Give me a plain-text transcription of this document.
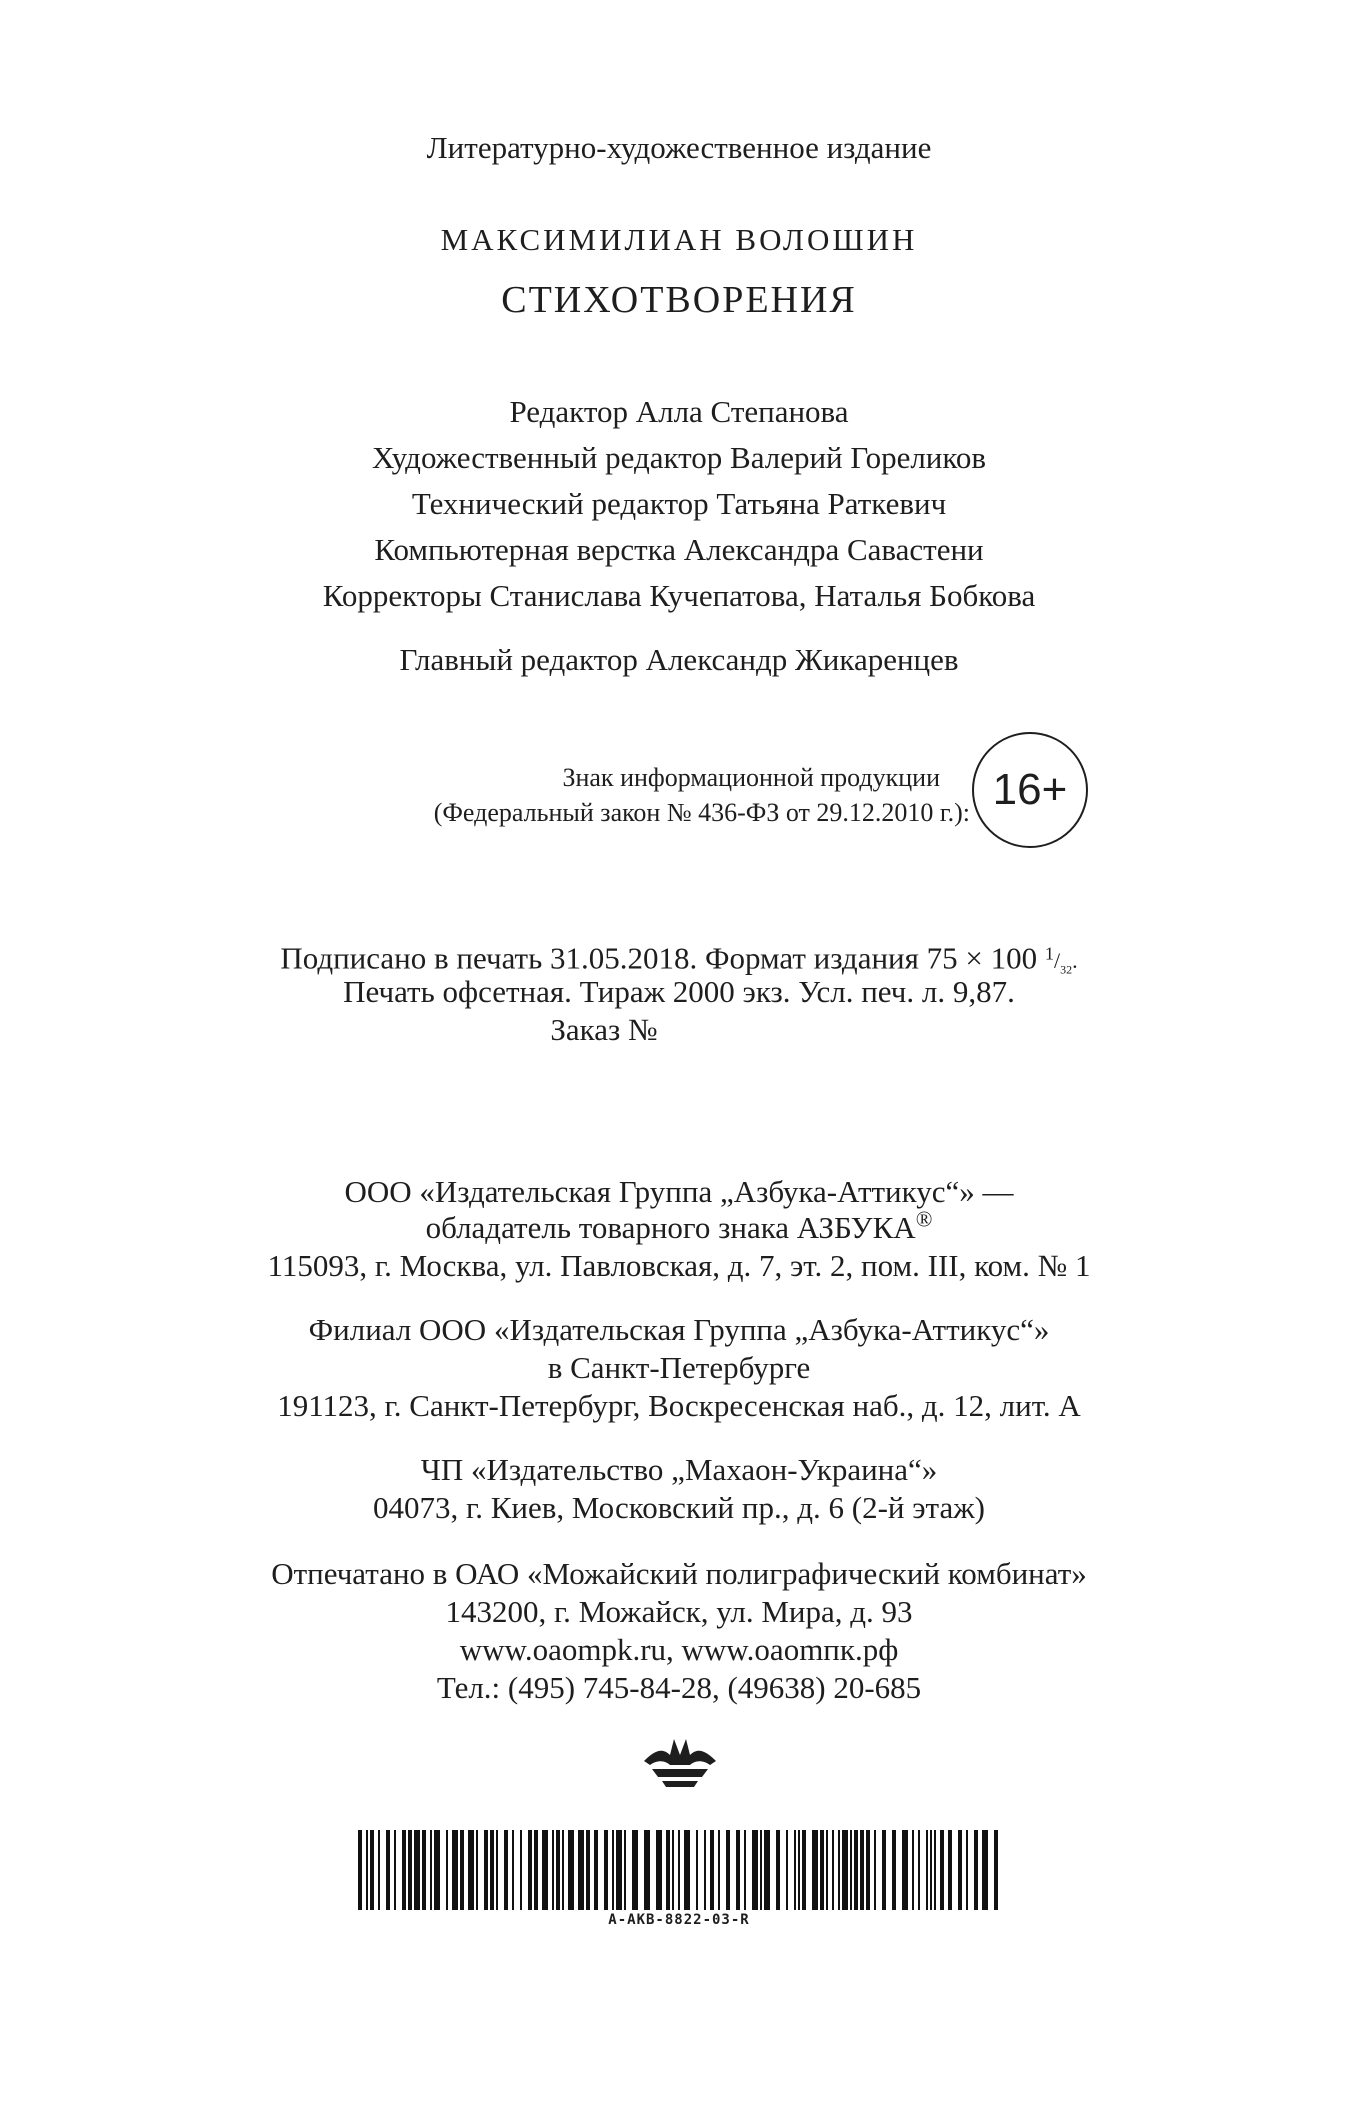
Литературно-художественное издание
МАКСИМИЛИАН ВОЛОШИН
СТИХОТВОРЕНИЯ
Редактор Алла Степанова
Художественный редактор Валерий Гореликов
Технический редактор Татьяна Раткевич
Компьютерная верстка Александра Савастени
Корректоры Станислава Кучепатова, Наталья Бобкова
Главный редактор Александр Жикаренцев
Знак информационной продукции
(Федеральный закон № 436-ФЗ от 29.12.2010 г.): 16+
Подписано в печать 31.05.2018. Формат издания 75 × 100 $^1/_{32}$.
Печать офсетная. Тираж 2000 экз. Усл. печ. л. 9,87.
Заказ №
ООО «Издательская Группа „Азбука-Аттикус“» —
обладатель товарного знака АЗБУКА®
115093, г. Москва, ул. Павловская, д. 7, эт. 2, пом. III, ком. № 1
Филиал ООО «Издательская Группа „Азбука-Аттикус“»
в Санкт-Петербурге
191123, г. Санкт-Петербург, Воскресенская наб., д. 12, лит. А
ЧП «Издательство „Махаон-Украина“»
04073, г. Киев, Московский пр., д. 6 (2-й этаж)
Отпечатано в ОАО «Можайский полиграфический комбинат»
143200, г. Можайск, ул. Мира, д. 93
www.oaompk.ru, www.oaomпк.рф
Тел.: (495) 745-84-28, (49638) 20-685
A-AKB-8822-03-R
